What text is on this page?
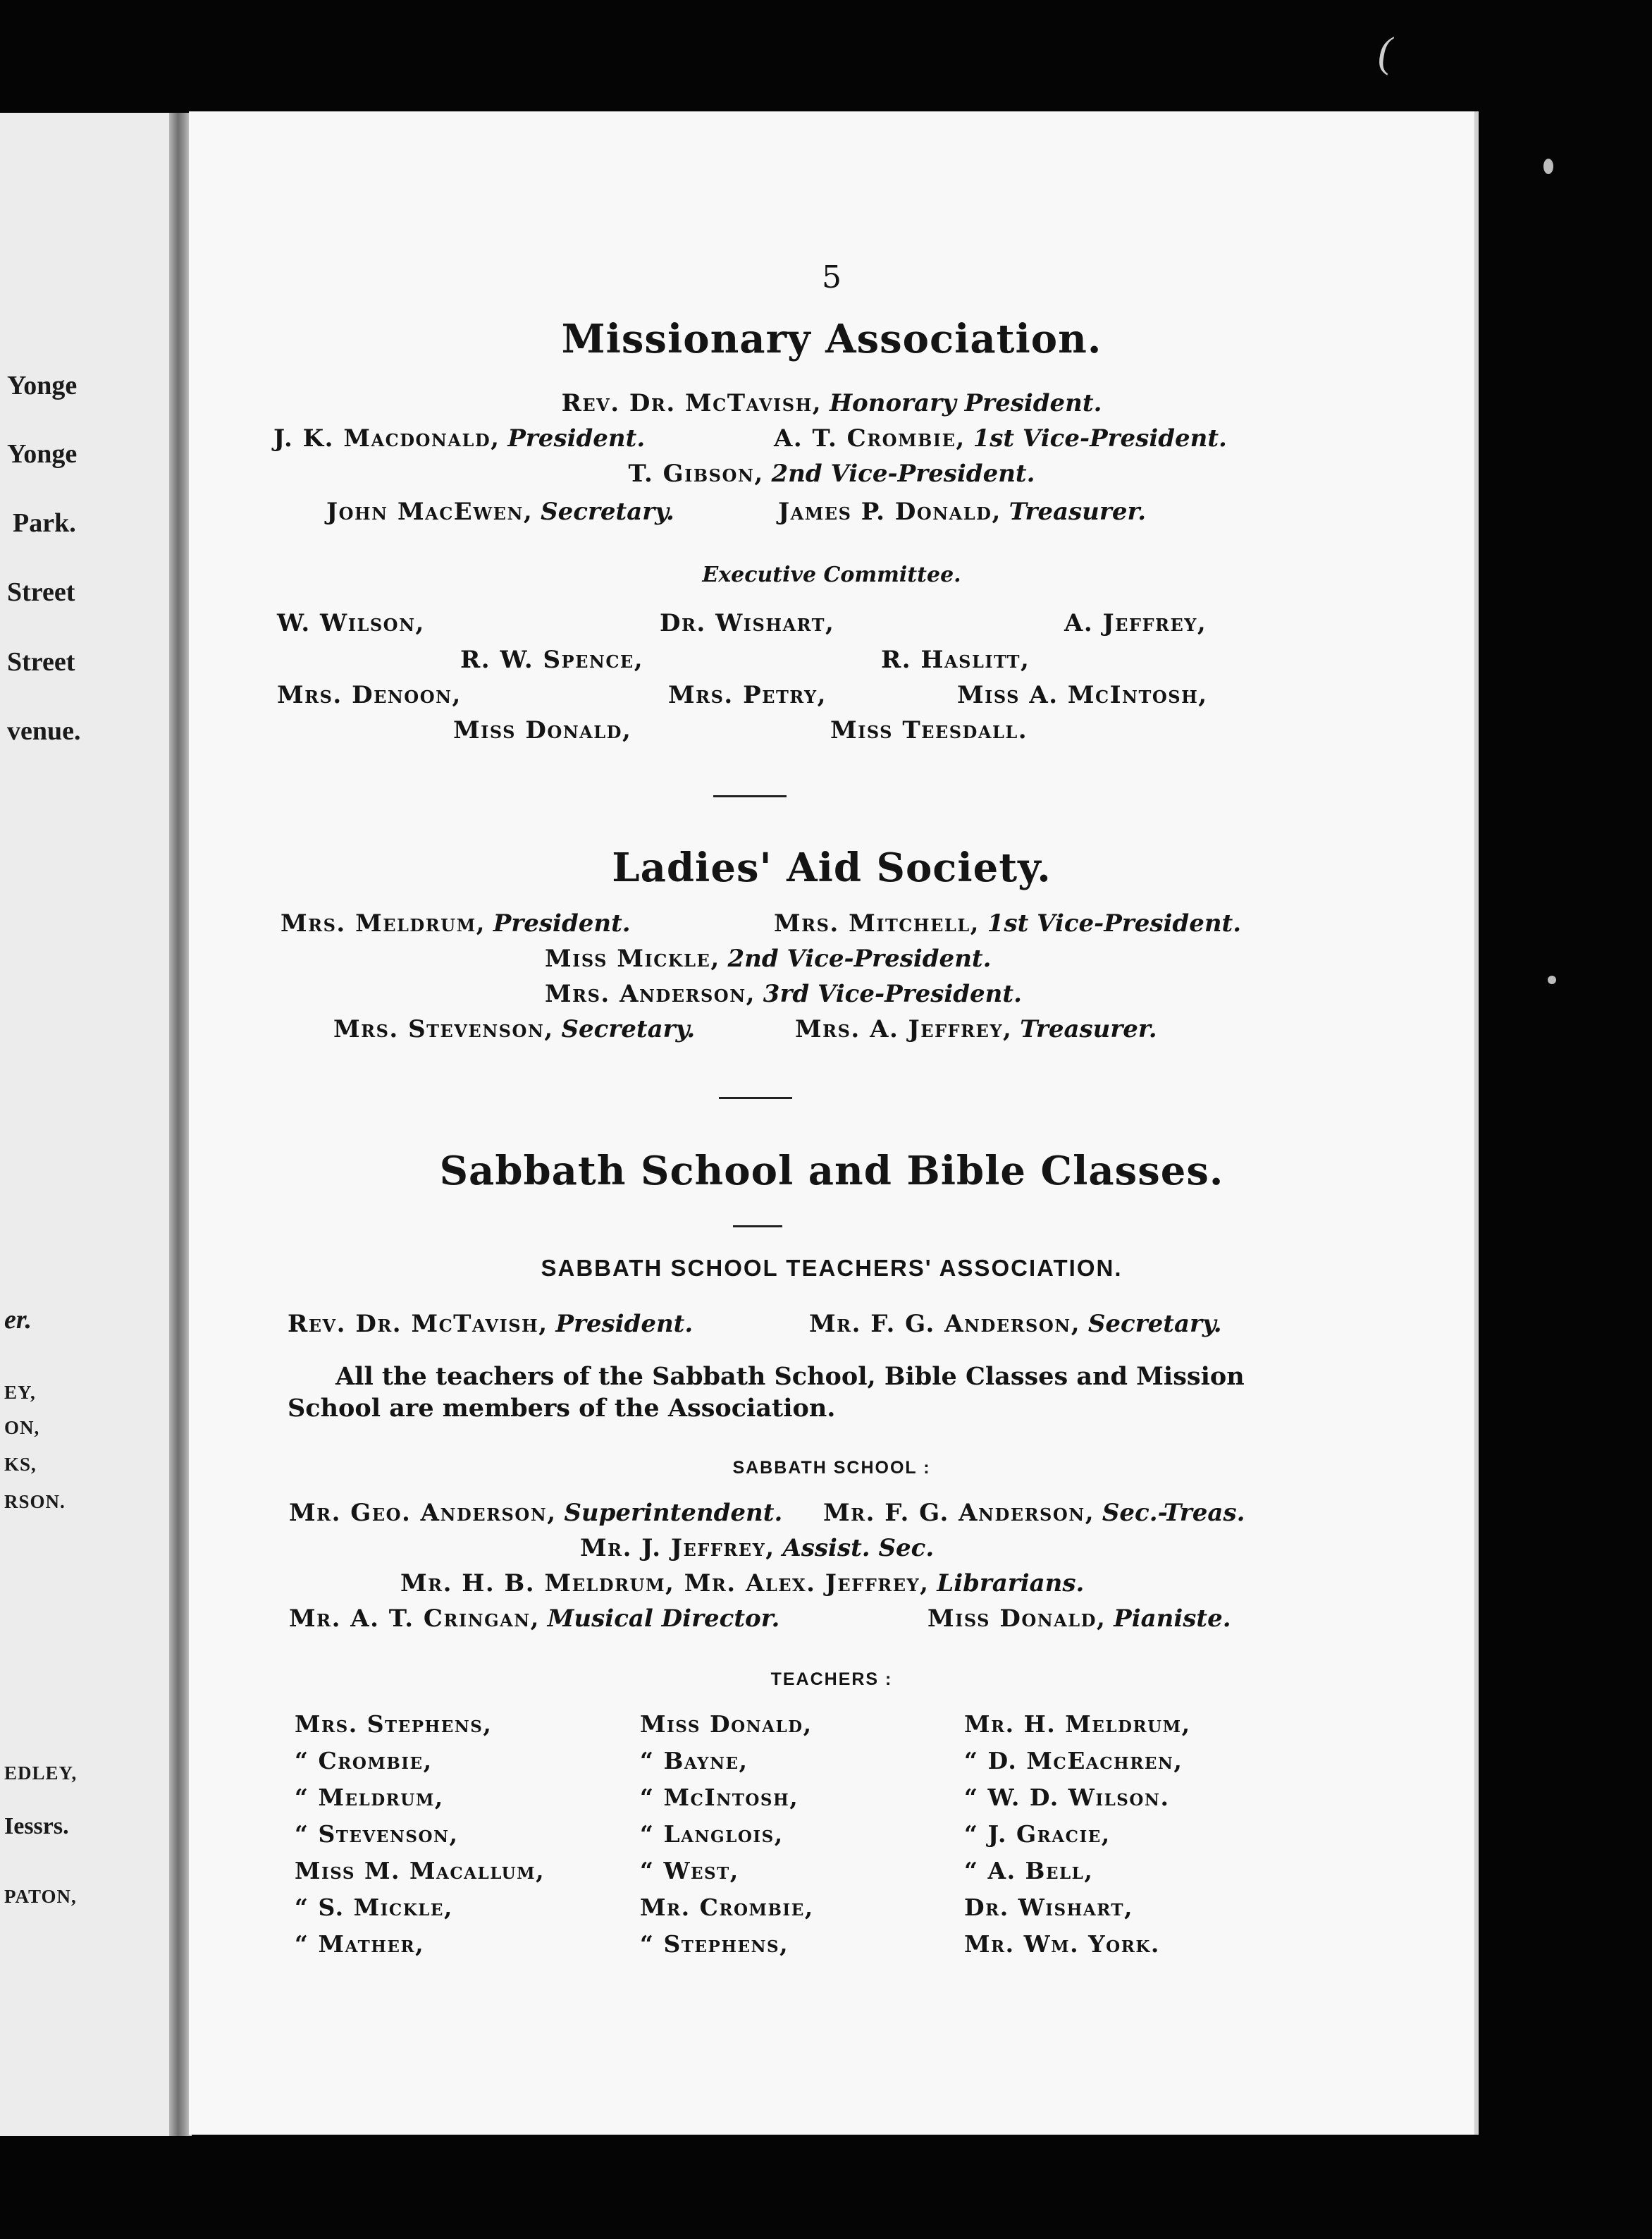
(
Yonge
Yonge
Park.
Street
Street
venue.
er.
EY,
ON,
KS,
RSON.
EDLEY,
Iessrs.
PATON,
5
Missionary Association.
Rev. Dr. McTavish, Honorary President.
J. K. Macdonald, President.	A. T. Crombie, 1st Vice-President.
T. Gibson, 2nd Vice-President.
John MacEwen, Secretary.	James P. Donald, Treasurer.
Executive Committee.
W. Wilson,	Dr. Wishart,	A. Jeffrey,
R. W. Spence,	R. Haslitt,
Mrs. Denoon,	Mrs. Petry,	Miss A. McIntosh,
Miss Donald,	Miss Teesdall.
Ladies' Aid Society.
Mrs. Meldrum, President.	Mrs. Mitchell, 1st Vice-President.
Miss Mickle, 2nd Vice-President.
Mrs. Anderson, 3rd Vice-President.
Mrs. Stevenson, Secretary.	Mrs. A. Jeffrey, Treasurer.
Sabbath School and Bible Classes.
SABBATH SCHOOL TEACHERS' ASSOCIATION.
Rev. Dr. McTavish, President.	Mr. F. G. Anderson, Secretary.
All the teachers of the Sabbath School, Bible Classes and Mission
School are members of the Association.
SABBATH SCHOOL :
Mr. Geo. Anderson, Superintendent. Mr. F. G. Anderson, Sec.-Treas.
Mr. J. Jeffrey, Assist. Sec.
Mr. H. B. Meldrum, Mr. Alex. Jeffrey, Librarians.
Mr. A. T. Cringan, Musical Director.	Miss Donald, Pianiste.
TEACHERS :
Mrs. Stephens,	Miss Donald,	Mr. H. Meldrum,
“ Crombie,	“ Bayne,	“ D. McEachren,
“ Meldrum,	“ McIntosh,	“ W. D. Wilson.
“ Stevenson,	“ Langlois,	“ J. Gracie,
Miss M. Macallum,	“ West,	“ A. Bell,
“ S. Mickle,	Mr. Crombie,	Dr. Wishart,
“ Mather,	“ Stephens,	Mr. Wm. York.
